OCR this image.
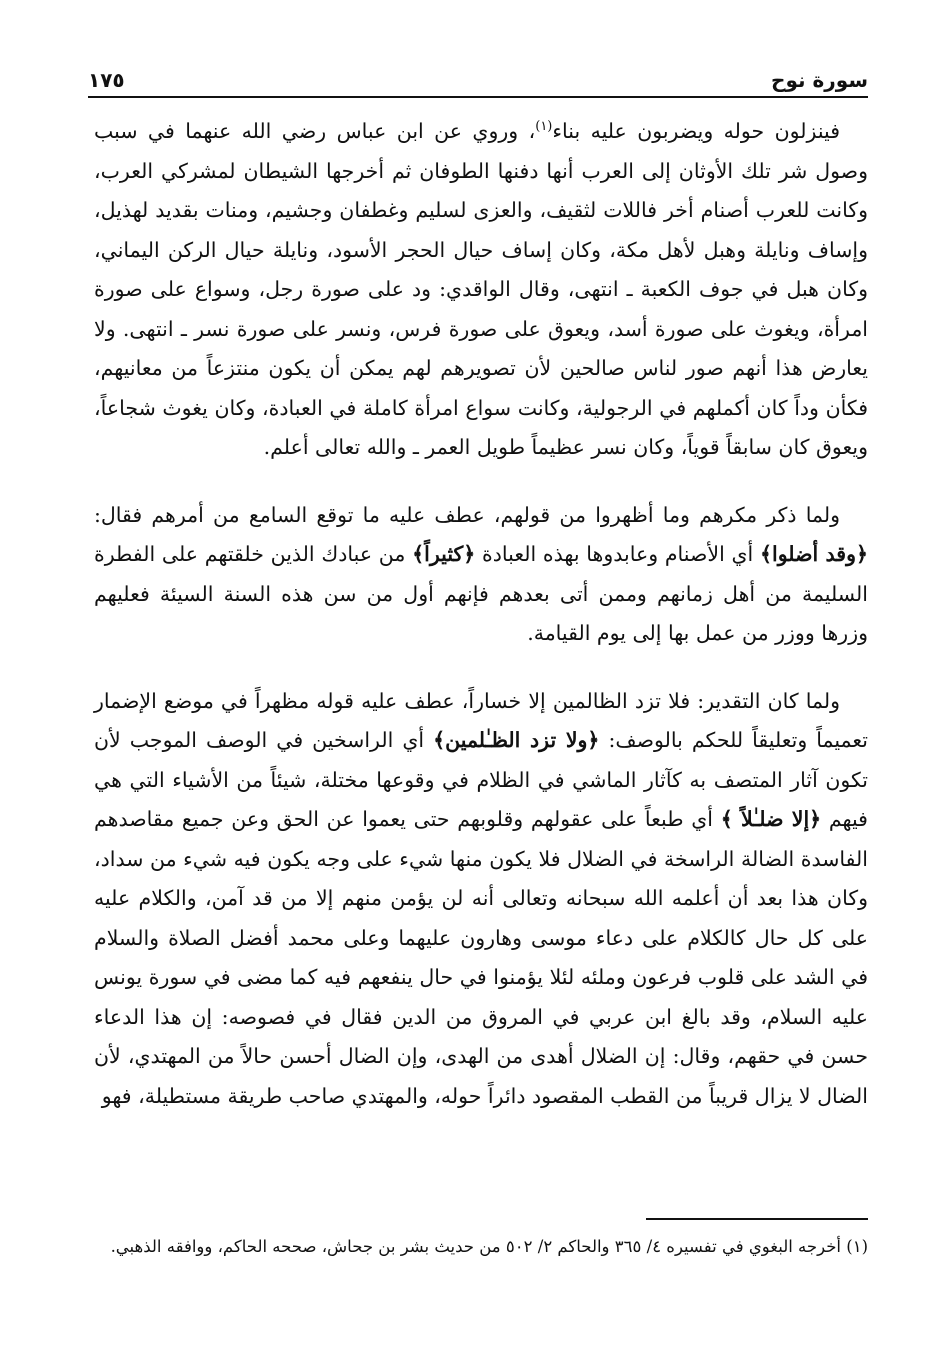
سورة نوح
١٧٥

فينزلون حوله ويضربون عليه بناء$^{(١)}$، وروي عن ابن عباس رضي الله عنهما في سبب وصول شر تلك الأوثان إلى العرب أنها دفنها الطوفان ثم أخرجها الشيطان لمشركي العرب، وكانت للعرب أصنام أخر فاللات لثقيف، والعزى لسليم وغطفان وجشيم، ومنات بقديد لهذيل، وإساف ونايلة وهبل لأهل مكة، وكان إساف حيال الحجر الأسود، ونايلة حيال الركن اليماني، وكان هبل في جوف الكعبة ـ انتهى، وقال الواقدي: ود على صورة رجل، وسواع على صورة امرأة، ويغوث على صورة أسد، ويعوق على صورة فرس، ونسر على صورة نسر ـ انتهى. ولا يعارض هذا أنهم صور لناس صالحين لأن تصويرهم لهم يمكن أن يكون منتزعاً من معانيهم، فكأن وداً كان أكملهم في الرجولية، وكانت سواع امرأة كاملة في العبادة، وكان يغوث شجاعاً، ويعوق كان سابقاً قوياً، وكان نسر عظيماً طويل العمر ـ والله تعالى أعلم.

ولما ذكر مكرهم وما أظهروا من قولهم، عطف عليه ما توقع السامع من أمرهم فقال: ﴿وقد أضلوا﴾ أي الأصنام وعابدوها بهذه العبادة ﴿كثيراً﴾ من عبادك الذين خلقتهم على الفطرة السليمة من أهل زمانهم وممن أتى بعدهم فإنهم أول من سن هذه السنة السيئة فعليهم وزرها ووزر من عمل بها إلى يوم القيامة.

ولما كان التقدير: فلا تزد الظالمين إلا خساراً، عطف عليه قوله مظهراً في موضع الإضمار تعميماً وتعليقاً للحكم بالوصف: ﴿ولا تزد الظـٰلمين﴾ أي الراسخين في الوصف الموجب لأن تكون آثار المتصف به كآثار الماشي في الظلام في وقوعها مختلة، شيئاً من الأشياء التي هي فيهم ﴿إلا ضلـٰلاً ﴾ أي طبعاً على عقولهم وقلوبهم حتى يعموا عن الحق وعن جميع مقاصدهم الفاسدة الضالة الراسخة في الضلال فلا يكون منها شيء على وجه يكون فيه شيء من سداد، وكان هذا بعد أن أعلمه الله سبحانه وتعالى أنه لن يؤمن منهم إلا من قد آمن، والكلام عليه على كل حال كالكلام على دعاء موسى وهارون عليهما وعلى محمد أفضل الصلاة والسلام في الشد على قلوب فرعون وملئه لئلا يؤمنوا في حال ينفعهم فيه كما مضى في سورة يونس عليه السلام، وقد بالغ ابن عربي في المروق من الدين فقال في فصوصه: إن هذا الدعاء حسن في حقهم، وقال: إن الضلال أهدى من الهدى، وإن الضال أحسن حالاً من المهتدي، لأن الضال لا يزال قريباً من القطب المقصود دائراً حوله، والمهتدي صاحب طريقة مستطيلة، فهو

(١) أخرجه البغوي في تفسيره ٤/ ٣٦٥ والحاكم ٢/ ٥٠٢ من حديث بشر بن جحاش، صححه الحاكم، ووافقه الذهبي.
